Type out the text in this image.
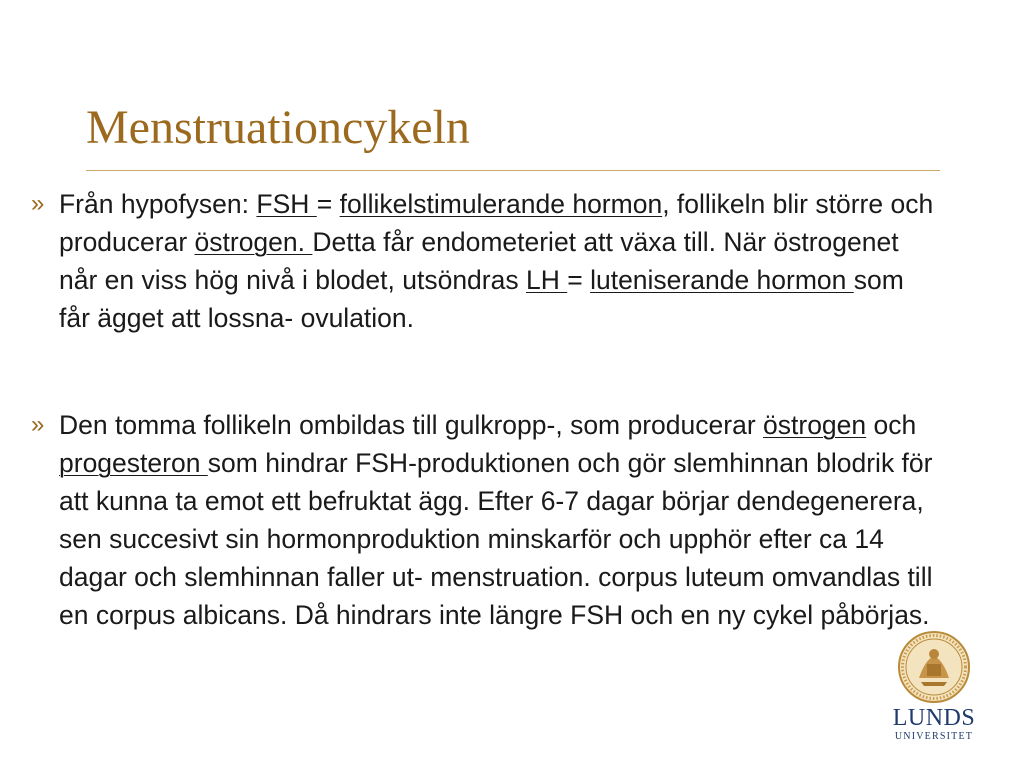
Menstruationcykeln
» Från hypofysen: FSH = follikelstimulerande hormon, follikeln blir större och producerar östrogen. Detta får endometeriet att växa till. När östrogenet når en viss hög nivå i blodet, utsöndras LH = luteniserande hormon som får ägget att lossna- ovulation.
» Den tomma follikeln ombildas till gulkropp-, som producerar östrogen och progesteron som hindrar FSH-produktionen och gör slemhinnan blodrik för att kunna ta emot ett befruktat ägg. Efter 6-7 dagar börjar dendegenerera, sen succesivt sin hormonproduktion minskarför och upphör efter ca 14 dagar och slemhinnan faller ut- menstruation. corpus luteum omvandlas till en corpus albicans. Då hindrars inte längre FSH och en ny cykel påbörjas.
LUNDS
UNIVERSITET
